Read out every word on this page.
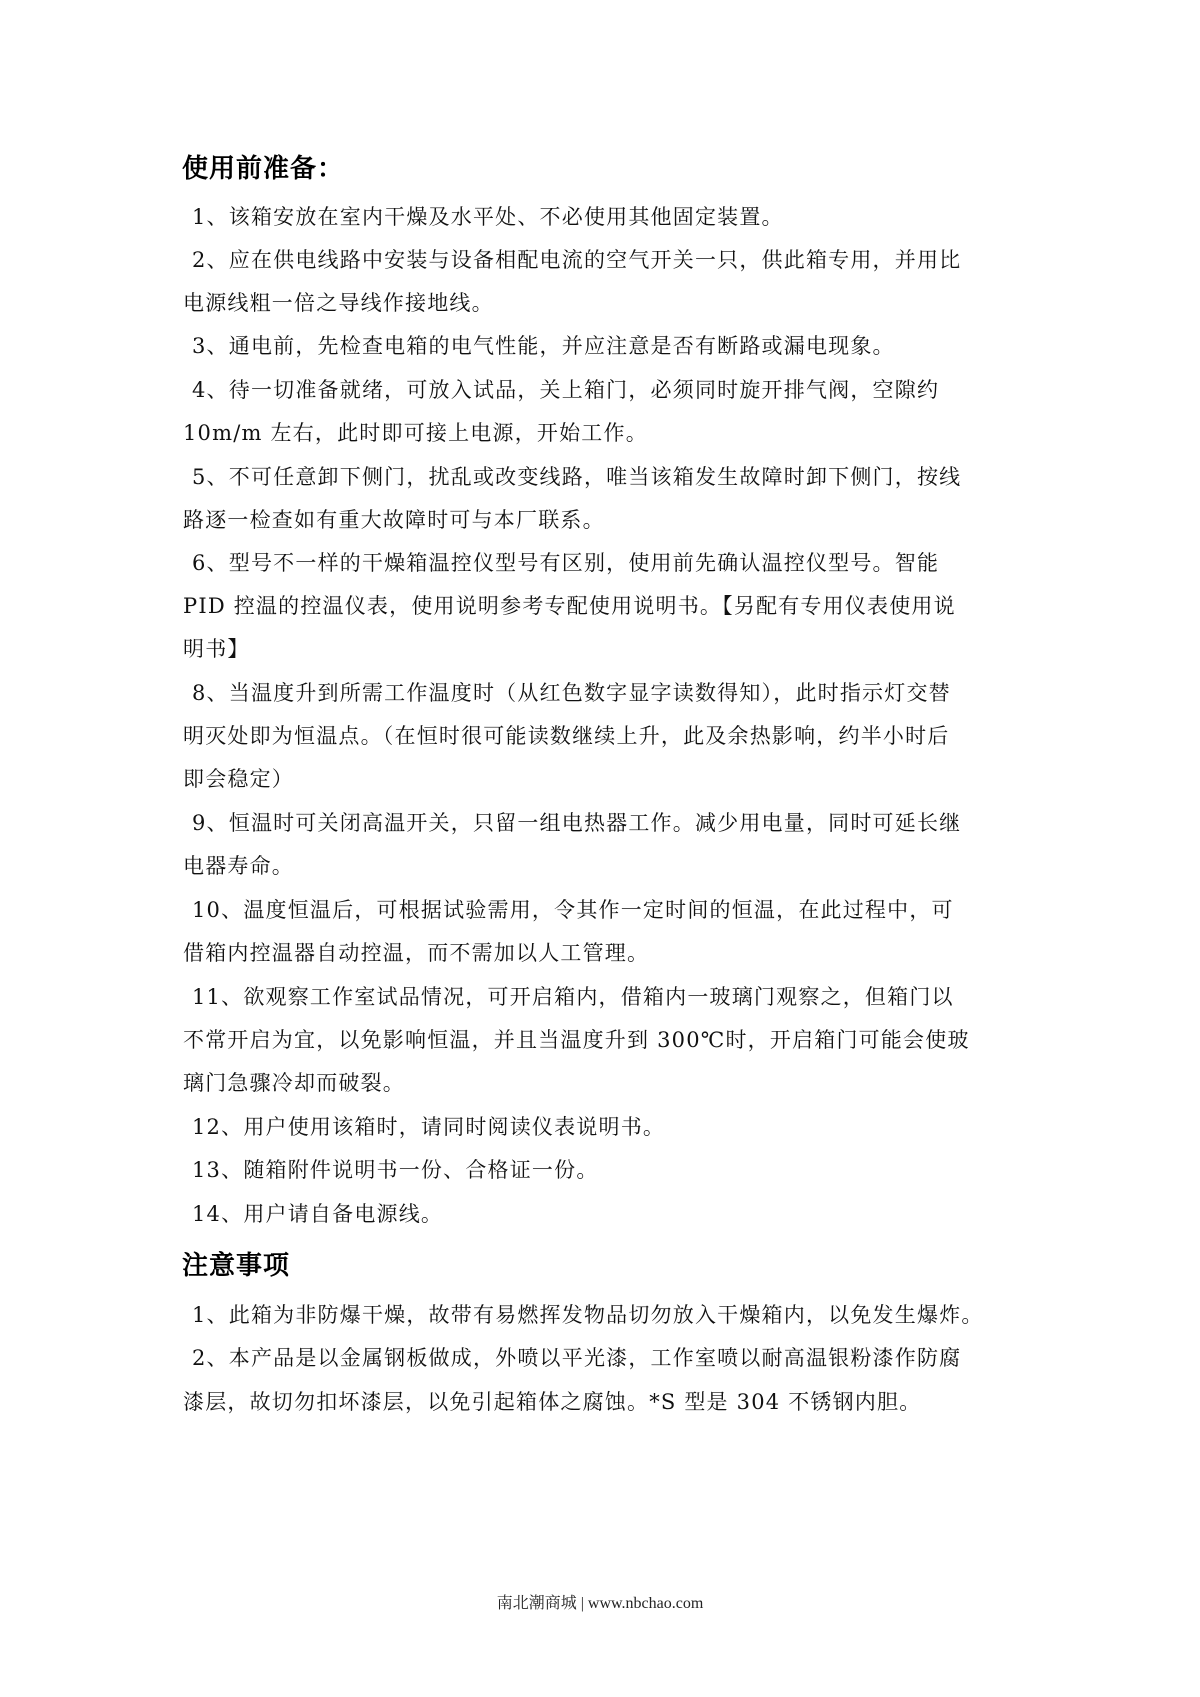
使用前准备：
1、该箱安放在室内干燥及水平处、不必使用其他固定装置。
2、应在供电线路中安装与设备相配电流的空气开关一只，供此箱专用，并用比
电源线粗一倍之导线作接地线。
3、通电前，先检查电箱的电气性能，并应注意是否有断路或漏电现象。
4、待一切准备就绪，可放入试品，关上箱门，必须同时旋开排气阀，空隙约
10m/m 左右，此时即可接上电源，开始工作。
5、不可任意卸下侧门，扰乱或改变线路，唯当该箱发生故障时卸下侧门，按线
路逐一检查如有重大故障时可与本厂联系。
6、型号不一样的干燥箱温控仪型号有区别，使用前先确认温控仪型号。智能
PID 控温的控温仪表，使用说明参考专配使用说明书。【另配有专用仪表使用说
明书】
8、当温度升到所需工作温度时（从红色数字显字读数得知），此时指示灯交替
明灭处即为恒温点。（在恒时很可能读数继续上升，此及余热影响，约半小时后
即会稳定）
9、恒温时可关闭高温开关，只留一组电热器工作。减少用电量，同时可延长继
电器寿命。
10、温度恒温后，可根据试验需用，令其作一定时间的恒温，在此过程中，可
借箱内控温器自动控温，而不需加以人工管理。
11、欲观察工作室试品情况，可开启箱内，借箱内一玻璃门观察之，但箱门以
不常开启为宜，以免影响恒温，并且当温度升到 300℃时，开启箱门可能会使玻
璃门急骤冷却而破裂。
12、用户使用该箱时，请同时阅读仪表说明书。
13、随箱附件说明书一份、合格证一份。
14、用户请自备电源线。
注意事项
1、此箱为非防爆干燥，故带有易燃挥发物品切勿放入干燥箱内，以免发生爆炸。
2、本产品是以金属钢板做成，外喷以平光漆，工作室喷以耐高温银粉漆作防腐
漆层，故切勿扣坏漆层，以免引起箱体之腐蚀。*S 型是 304 不锈钢内胆。
南北潮商城 | www.nbchao.com
